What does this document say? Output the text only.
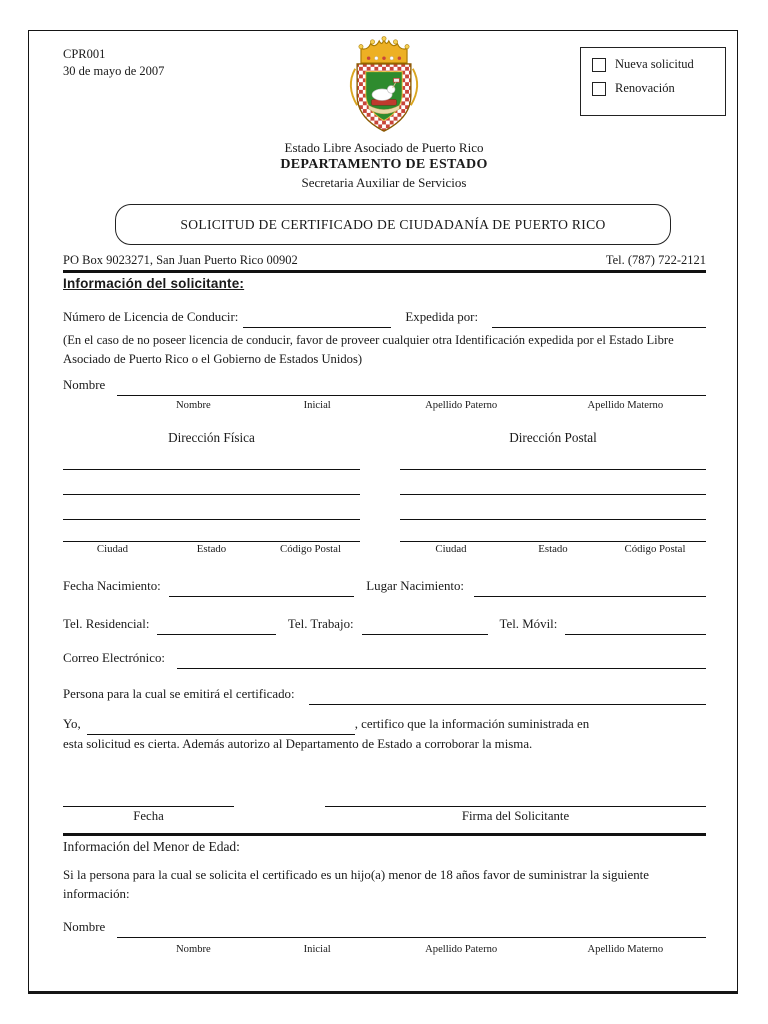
CPR001
30 de mayo de 2007	Nueva solicitud
Renovación
Estado Libre Asociado de Puerto Rico
DEPARTAMENTO DE ESTADO
Secretaria Auxiliar de Servicios
SOLICITUD DE CERTIFICADO DE CIUDADANÍA DE PUERTO RICO
PO Box 9023271, San Juan Puerto Rico 00902	Tel. (787) 722-2121
Información del solicitante:
Número de Licencia de Conducir:	Expedida por:
(En el caso de no poseer licencia de conducir, favor de proveer cualquier otra Identificación expedida por el Estado Libre Asociado de Puerto Rico o el Gobierno de Estados Unidos)
Nombre
Nombre	Inicial	Apellido Paterno	Apellido Materno
Dirección Física	Dirección Postal
Ciudad	Estado	Código Postal	Ciudad	Estado	Código Postal
Fecha Nacimiento:	Lugar Nacimiento:
Tel. Residencial:	Tel. Trabajo:	Tel. Móvil:
Correo Electrónico:
Persona para la cual se emitirá el certificado:
Yo,	, certifico que la información suministrada en
esta solicitud es cierta. Además autorizo al Departamento de Estado a corroborar la misma.
Fecha	Firma del Solicitante
Información del Menor de Edad:
Si la persona para la cual se solicita el certificado es un hijo(a) menor de 18 años favor de suministrar la siguiente información:
Nombre
Nombre	Inicial	Apellido Paterno	Apellido Materno
